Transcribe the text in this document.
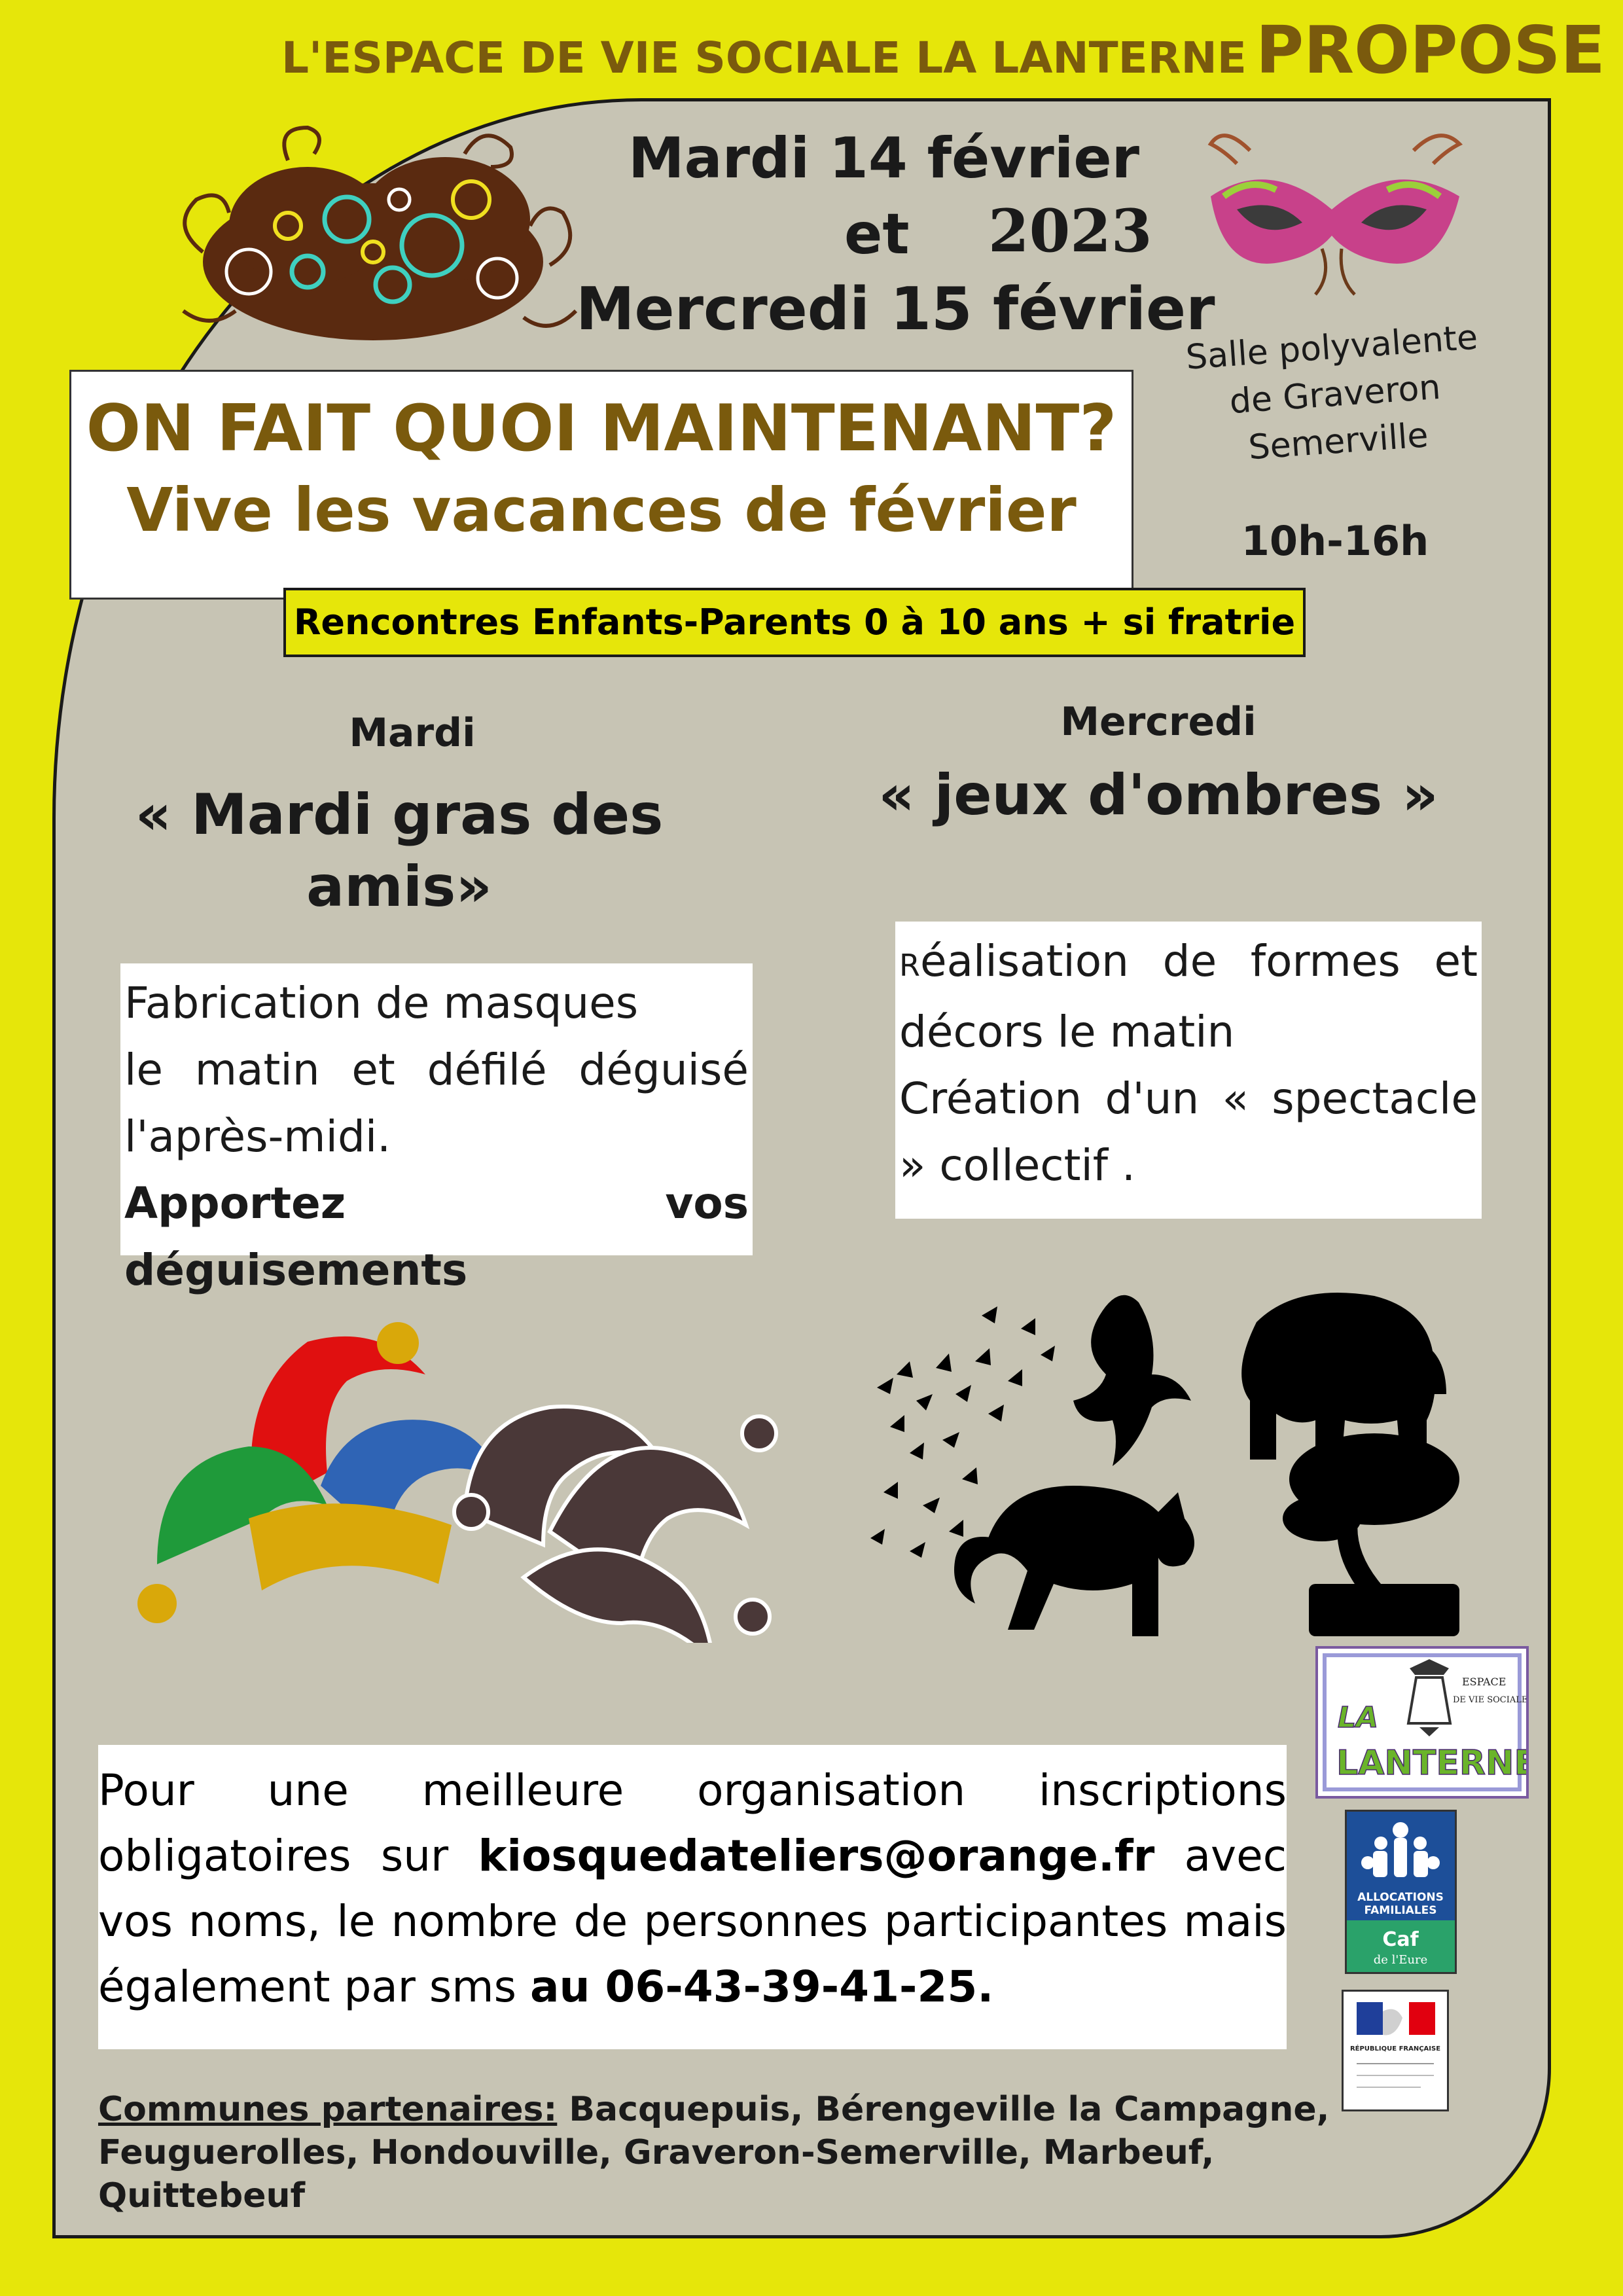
L'ESPACE DE VIE SOCIALE LA LANTERNE PROPOSE
Mardi 14 février
et 2023
Mercredi 15 février
Salle polyvalente
de Graveron
Semerville
10h-16h
ON FAIT QUOI MAINTENANT?
Vive les vacances de février
Rencontres Enfants-Parents 0 à 10 ans + si fratrie
Mardi
« Mardi gras des
amis»
Fabrication de masques
le matin et défilé déguisé l'après-midi.
Apportez vos déguisements
Mercredi
« jeux d'ombres »
Réalisation de formes et décors le matin
Création d'un « spectacle » collectif .
LA
LANTERNE
ESPACE
DE VIE SOCIALE
ALLOCATIONS
FAMILIALES
Caf
de l'Eure
RÉPUBLIQUE FRANÇAISE
Pour une meilleure organisation inscriptions obligatoires sur kiosquedateliers@orange.fr avec vos noms, le nombre de personnes participantes mais également par sms au 06-43-39-41-25.
Communes partenaires: Bacquepuis, Bérengeville la Campagne, Feuguerolles, Hondouville, Graveron-Semerville, Marbeuf, Quittebeuf
